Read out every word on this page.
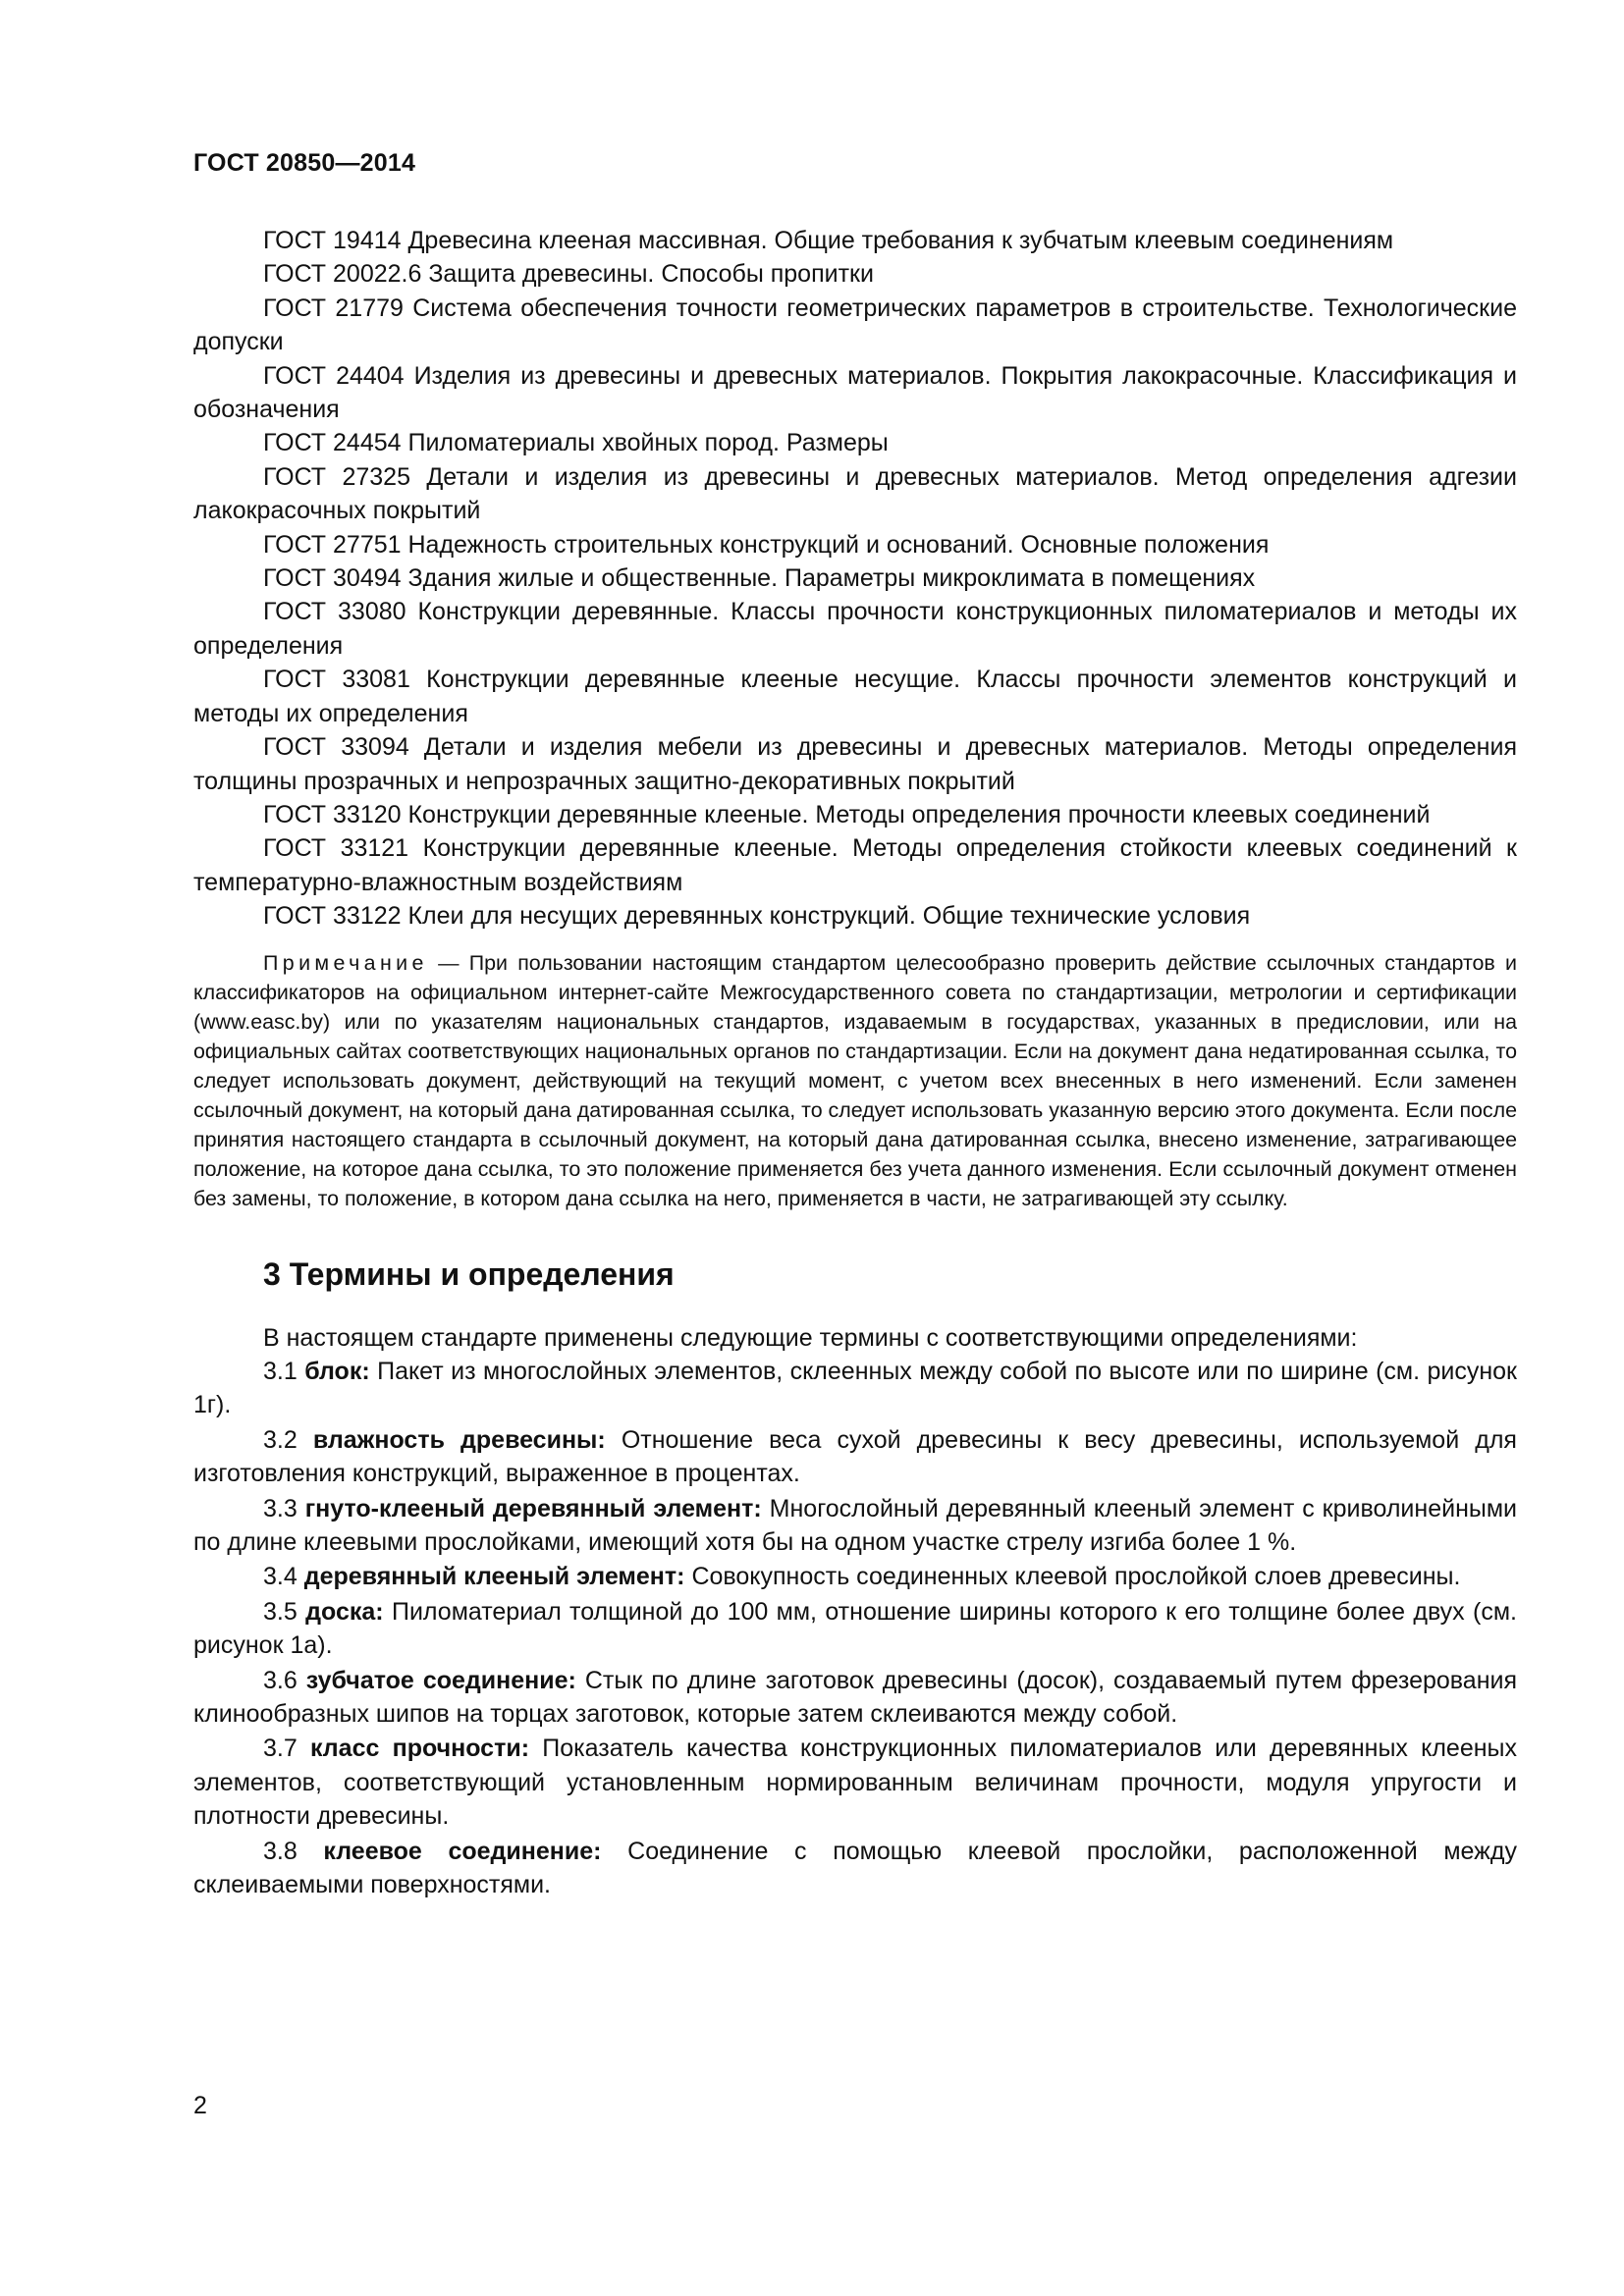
ГОСТ 20850—2014

ГОСТ 19414 Древесина клееная массивная. Общие требования к зубчатым клеевым соединениям

ГОСТ 20022.6 Защита древесины. Способы пропитки

ГОСТ 21779 Система обеспечения точности геометрических параметров в строительстве. Технологические допуски

ГОСТ 24404 Изделия из древесины и древесных материалов. Покрытия лакокрасочные. Классификация и обозначения

ГОСТ 24454 Пиломатериалы хвойных пород. Размеры

ГОСТ 27325 Детали и изделия из древесины и древесных материалов. Метод определения адгезии лакокрасочных покрытий

ГОСТ 27751 Надежность строительных конструкций и оснований. Основные положения

ГОСТ 30494 Здания жилые и общественные. Параметры микроклимата в помещениях

ГОСТ 33080 Конструкции деревянные. Классы прочности конструкционных пиломатериалов и методы их определения

ГОСТ 33081 Конструкции деревянные клееные несущие. Классы прочности элементов конструкций и методы их определения

ГОСТ 33094 Детали и изделия мебели из древесины и древесных материалов. Методы определения толщины прозрачных и непрозрачных защитно-декоративных покрытий

ГОСТ 33120 Конструкции деревянные клееные. Методы определения прочности клеевых соединений

ГОСТ 33121 Конструкции деревянные клееные. Методы определения стойкости клеевых соединений к температурно-влажностным воздействиям

ГОСТ 33122 Клеи для несущих деревянных конструкций. Общие технические условия

Примечание — При пользовании настоящим стандартом целесообразно проверить действие ссылочных стандартов и классификаторов на официальном интернет-сайте Межгосударственного совета по стандартизации, метрологии и сертификации (www.easc.by) или по указателям национальных стандартов, издаваемым в государствах, указанных в предисловии, или на официальных сайтах соответствующих национальных органов по стандартизации. Если на документ дана недатированная ссылка, то следует использовать документ, действующий на текущий момент, с учетом всех внесенных в него изменений. Если заменен ссылочный документ, на который дана датированная ссылка, то следует использовать указанную версию этого документа. Если после принятия настоящего стандарта в ссылочный документ, на который дана датированная ссылка, внесено изменение, затрагивающее положение, на которое дана ссылка, то это положение применяется без учета данного изменения. Если ссылочный документ отменен без замены, то положение, в котором дана ссылка на него, применяется в части, не затрагивающей эту ссылку.

3 Термины и определения

В настоящем стандарте применены следующие термины с соответствующими определениями:

3.1 блок: Пакет из многослойных элементов, склеенных между собой по высоте или по ширине (см. рисунок 1г).

3.2 влажность древесины: Отношение веса сухой древесины к весу древесины, используемой для изготовления конструкций, выраженное в процентах.

3.3 гнуто-клееный деревянный элемент: Многослойный деревянный клееный элемент с криволинейными по длине клеевыми прослойками, имеющий хотя бы на одном участке стрелу изгиба более 1 %.

3.4 деревянный клееный элемент: Совокупность соединенных клеевой прослойкой слоев древесины.

3.5 доска: Пиломатериал толщиной до 100 мм, отношение ширины которого к его толщине более двух (см. рисунок 1а).

3.6 зубчатое соединение: Стык по длине заготовок древесины (досок), создаваемый путем фрезерования клинообразных шипов на торцах заготовок, которые затем склеиваются между собой.

3.7 класс прочности: Показатель качества конструкционных пиломатериалов или деревянных клееных элементов, соответствующий установленным нормированным величинам прочности, модуля упругости и плотности древесины.

3.8 клеевое соединение: Соединение с помощью клеевой прослойки, расположенной между склеиваемыми поверхностями.

2
